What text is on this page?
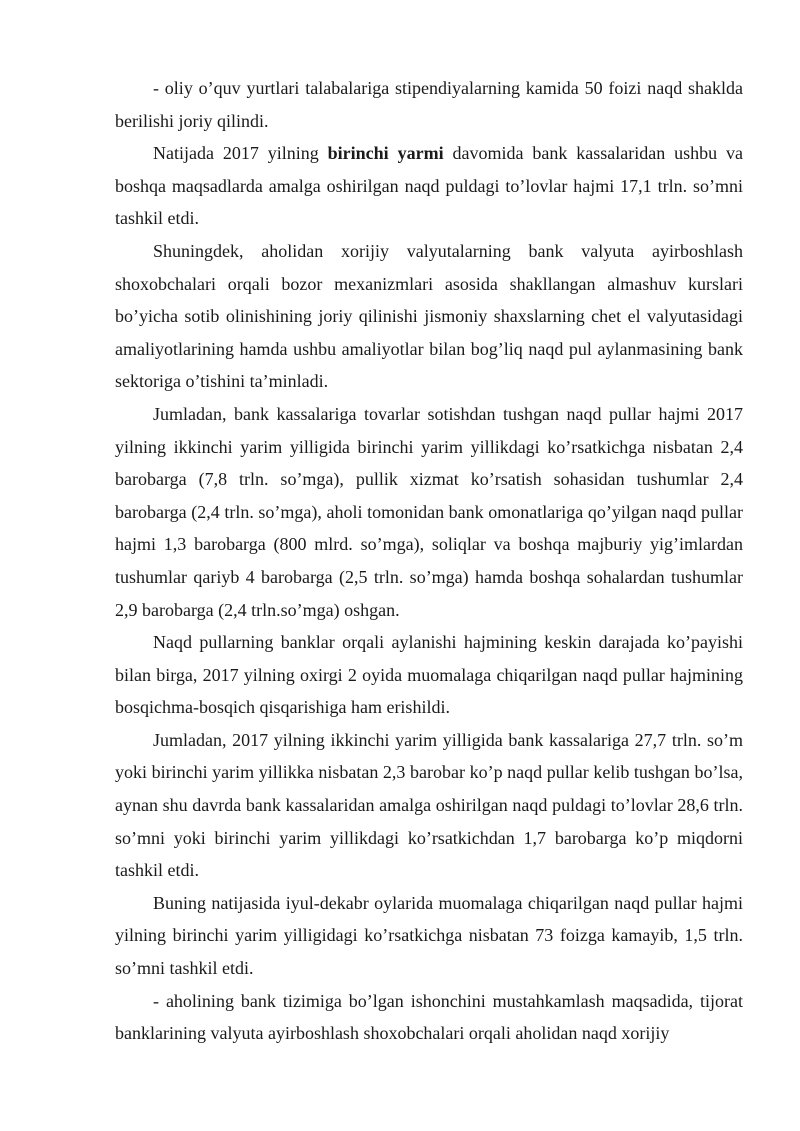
- oliy o’quv yurtlari talabalariga stipendiyalarning kamida 50 foizi naqd shaklda berilishi joriy qilindi.

Natijada 2017 yilning birinchi yarmi davomida bank kassalaridan ushbu va boshqa maqsadlarda amalga oshirilgan naqd puldagi to’lovlar hajmi 17,1 trln. so’mni tashkil etdi.

Shuningdek, aholidan xorijiy valyutalarning bank valyuta ayirboshlash shoxobchalari orqali bozor mexanizmlari asosida shakllangan almashuv kurslari bo’yicha sotib olinishining joriy qilinishi jismoniy shaxslarning chet el valyutasidagi amaliyotlarining hamda ushbu amaliyotlar bilan bog’liq naqd pul aylanmasining bank sektoriga o’tishini ta’minladi.

Jumladan, bank kassalariga tovarlar sotishdan tushgan naqd pullar hajmi 2017 yilning ikkinchi yarim yilligida birinchi yarim yillikdagi ko’rsatkichga nisbatan 2,4 barobarga (7,8 trln. so’mga), pullik xizmat ko’rsatish sohasidan tushumlar 2,4 barobarga (2,4 trln. so’mga), aholi tomonidan bank omonatlariga qo’yilgan naqd pullar hajmi 1,3 barobarga (800 mlrd. so’mga), soliqlar va boshqa majburiy yig’imlardan tushumlar qariyb 4 barobarga (2,5 trln. so’mga) hamda boshqa sohalardan tushumlar 2,9 barobarga (2,4 trln.so’mga) oshgan.

Naqd pullarning banklar orqali aylanishi hajmining keskin darajada ko’payishi bilan birga, 2017 yilning oxirgi 2 oyida muomalaga chiqarilgan naqd pullar hajmining bosqichma-bosqich qisqarishiga ham erishildi.

Jumladan, 2017 yilning ikkinchi yarim yilligida bank kassalariga 27,7 trln. so’m yoki birinchi yarim yillikka nisbatan 2,3 barobar ko’p naqd pullar kelib tushgan bo’lsa, aynan shu davrda bank kassalaridan amalga oshirilgan naqd puldagi to’lovlar 28,6 trln. so’mni yoki birinchi yarim yillikdagi ko’rsatkichdan 1,7 barobarga ko’p miqdorni tashkil etdi.

Buning natijasida iyul-dekabr oylarida muomalaga chiqarilgan naqd pullar hajmi yilning birinchi yarim yilligidagi ko’rsatkichga nisbatan 73 foizga kamayib, 1,5 trln. so’mni tashkil etdi.

- aholining bank tizimiga bo’lgan ishonchini mustahkamlash maqsadida, tijorat banklarining valyuta ayirboshlash shoxobchalari orqali aholidan naqd xorijiy
